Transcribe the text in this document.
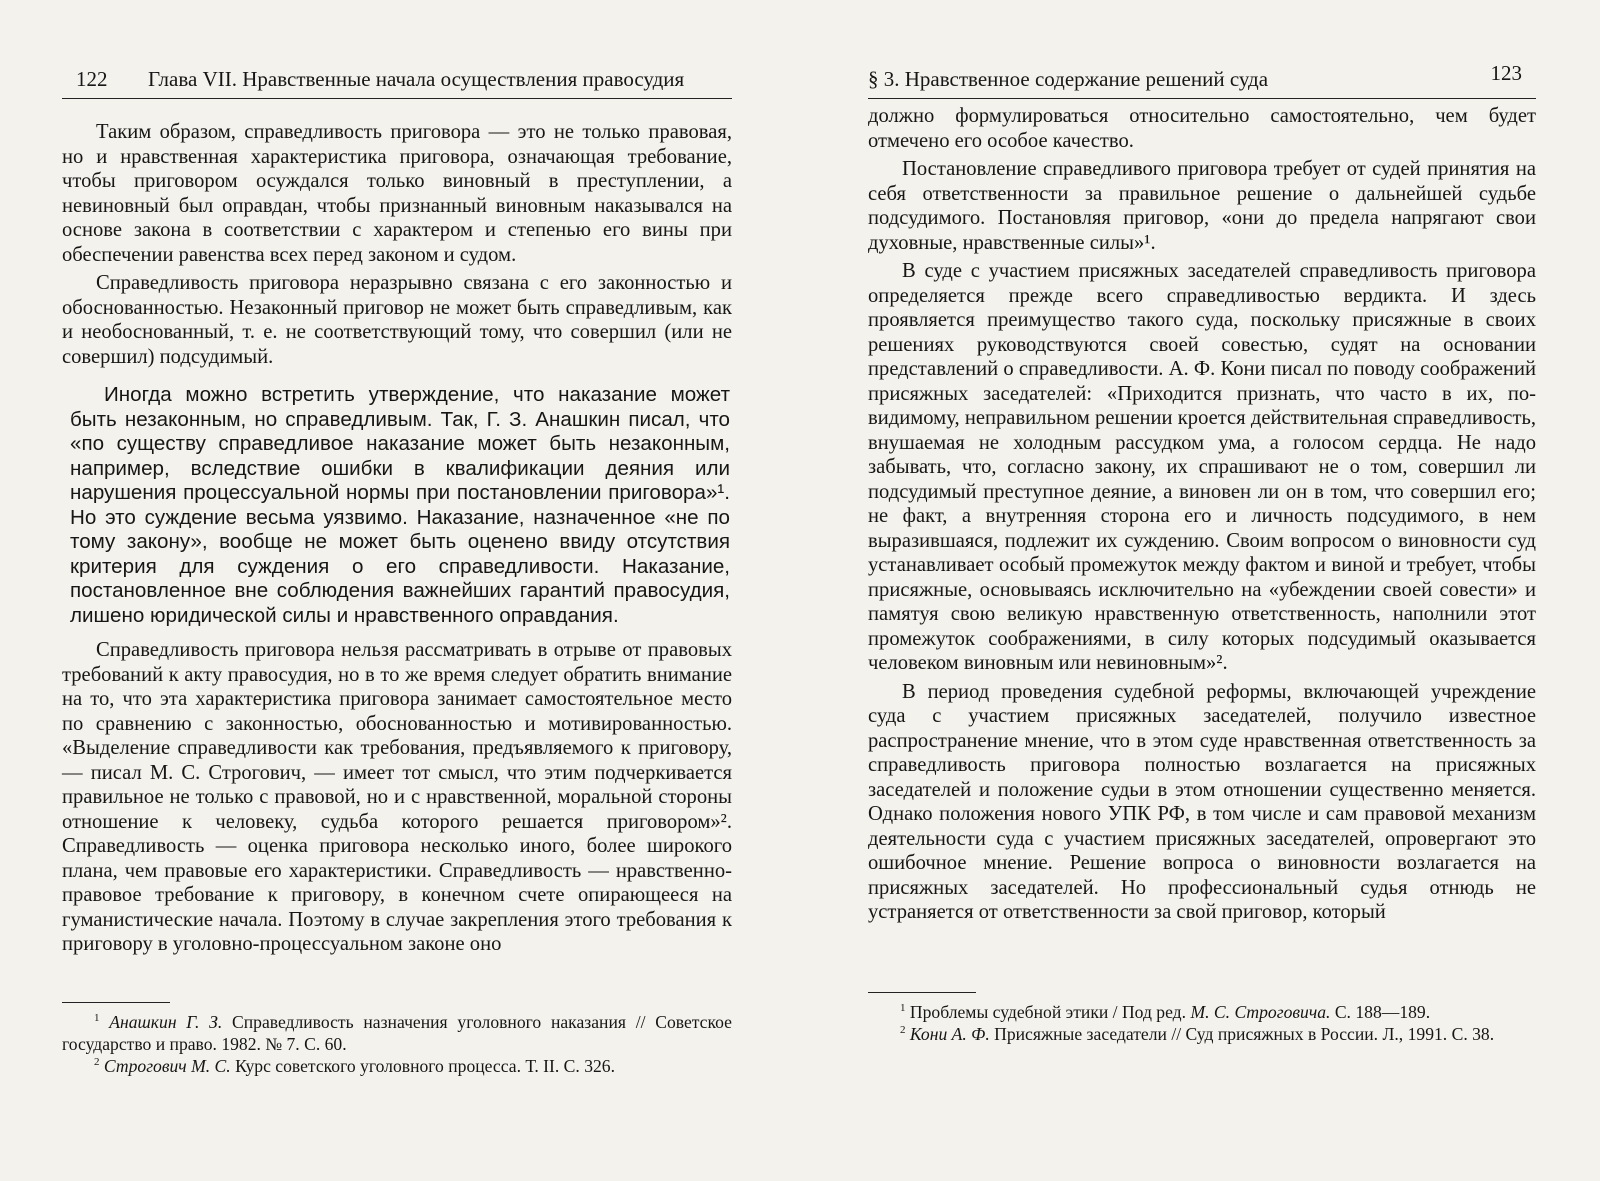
122 Глава VII. Нравственные начала осуществления правосудия

Таким образом, справедливость приговора — это не только правовая, но и нравственная характеристика приговора, означающая требование, чтобы приговором осуждался только виновный в преступлении, а невиновный был оправдан, чтобы признанный виновным наказывался на основе закона в соответствии с характером и степенью его вины при обеспечении равенства всех перед законом и судом.

Справедливость приговора неразрывно связана с его законностью и обоснованностью. Незаконный приговор не может быть справедливым, как и необоснованный, т. е. не соответствующий тому, что совершил (или не совершил) подсудимый.

Иногда можно встретить утверждение, что наказание может быть незаконным, но справедливым. Так, Г. З. Анашкин писал, что «по существу справедливое наказание может быть незаконным, например, вследствие ошибки в квалификации деяния или нарушения процессуальной нормы при постановлении приговора»¹. Но это суждение весьма уязвимо. Наказание, назначенное «не по тому закону», вообще не может быть оценено ввиду отсутствия критерия для суждения о его справедливости. Наказание, постановленное вне соблюдения важнейших гарантий правосудия, лишено юридической силы и нравственного оправдания.

Справедливость приговора нельзя рассматривать в отрыве от правовых требований к акту правосудия, но в то же время следует обратить внимание на то, что эта характеристика приговора занимает самостоятельное место по сравнению с законностью, обоснованностью и мотивированностью. «Выделение справедливости как требования, предъявляемого к приговору, — писал М. С. Строгович, — имеет тот смысл, что этим подчеркивается правильное не только с правовой, но и с нравственной, моральной стороны отношение к человеку, судьба которого решается приговором»². Справедливость — оценка приговора несколько иного, более широкого плана, чем правовые его характеристики. Справедливость — нравственно-правовое требование к приговору, в конечном счете опирающееся на гуманистические начала. Поэтому в случае закрепления этого требования к приговору в уголовно-процессуальном законе оно

$^1$ Анашкин Г. З. Справедливость назначения уголовного наказания // Советское государство и право. 1982. № 7. С. 60.

$^2$ Строгович М. С. Курс советского уголовного процесса. Т. II. С. 326.

§ 3. Нравственное содержание решений суда	123

должно формулироваться относительно самостоятельно, чем будет отмечено его особое качество.

Постановление справедливого приговора требует от судей принятия на себя ответственности за правильное решение о дальнейшей судьбе подсудимого. Постановляя приговор, «они до предела напрягают свои духовные, нравственные силы»¹.

В суде с участием присяжных заседателей справедливость приговора определяется прежде всего справедливостью вердикта. И здесь проявляется преимущество такого суда, поскольку присяжные в своих решениях руководствуются своей совестью, судят на основании представлений о справедливости. А. Ф. Кони писал по поводу соображений присяжных заседателей: «Приходится признать, что часто в их, по-видимому, неправильном решении кроется действительная справедливость, внушаемая не холодным рассудком ума, а голосом сердца. Не надо забывать, что, согласно закону, их спрашивают не о том, совершил ли подсудимый преступное деяние, а виновен ли он в том, что совершил его; не факт, а внутренняя сторона его и личность подсудимого, в нем выразившаяся, подлежит их суждению. Своим вопросом о виновности суд устанавливает особый промежуток между фактом и виной и требует, чтобы присяжные, основываясь исключительно на «убеждении своей совести» и памятуя свою великую нравственную ответственность, наполнили этот промежуток соображениями, в силу которых подсудимый оказывается человеком виновным или невиновным»².

В период проведения судебной реформы, включающей учреждение суда с участием присяжных заседателей, получило известное распространение мнение, что в этом суде нравственная ответственность за справедливость приговора полностью возлагается на присяжных заседателей и положение судьи в этом отношении существенно меняется. Однако положения нового УПК РФ, в том числе и сам правовой механизм деятельности суда с участием присяжных заседателей, опровергают это ошибочное мнение. Решение вопроса о виновности возлагается на присяжных заседателей. Но профессиональный судья отнюдь не устраняется от ответственности за свой приговор, который

$^1$ Проблемы судебной этики / Под ред. М. С. Строговича. С. 188—189.

$^2$ Кони А. Ф. Присяжные заседатели // Суд присяжных в России. Л., 1991. С. 38.
